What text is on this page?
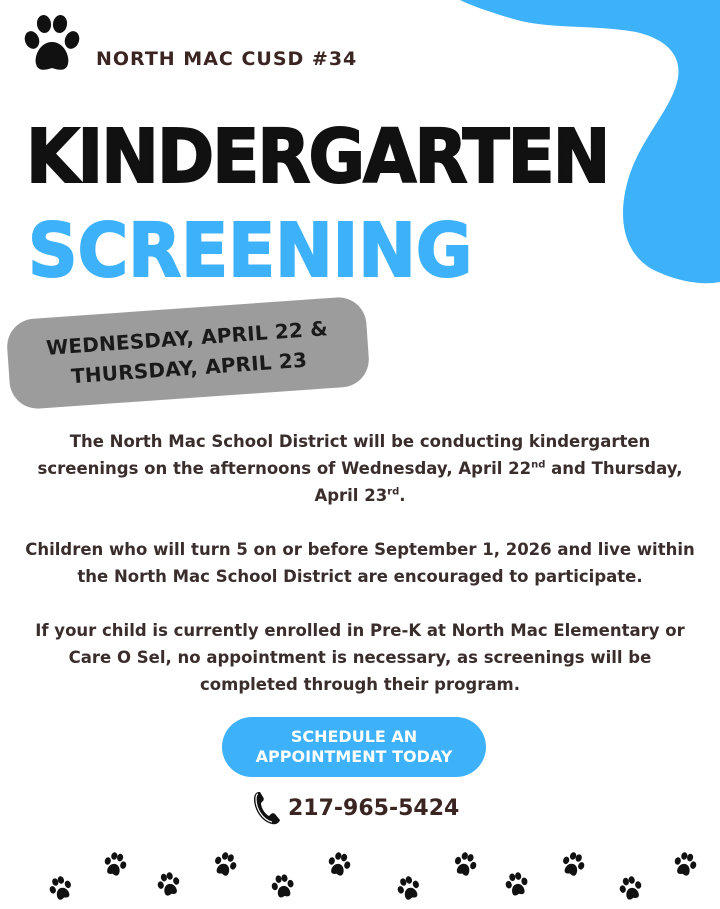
NORTH MAC CUSD #34
KINDERGARTEN
SCREENING
WEDNESDAY, APRIL 22 &
THURSDAY, APRIL 23
The North Mac School District will be conducting kindergarten screenings on the afternoons of Wednesday, April 22nd and Thursday, April 23rd.
Children who will turn 5 on or before September 1, 2026 and live within the North Mac School District are encouraged to participate.
If your child is currently enrolled in Pre-K at North Mac Elementary or Care O Sel, no appointment is necessary, as screenings will be completed through their program.
SCHEDULE AN
APPOINTMENT TODAY
217-965-5424
